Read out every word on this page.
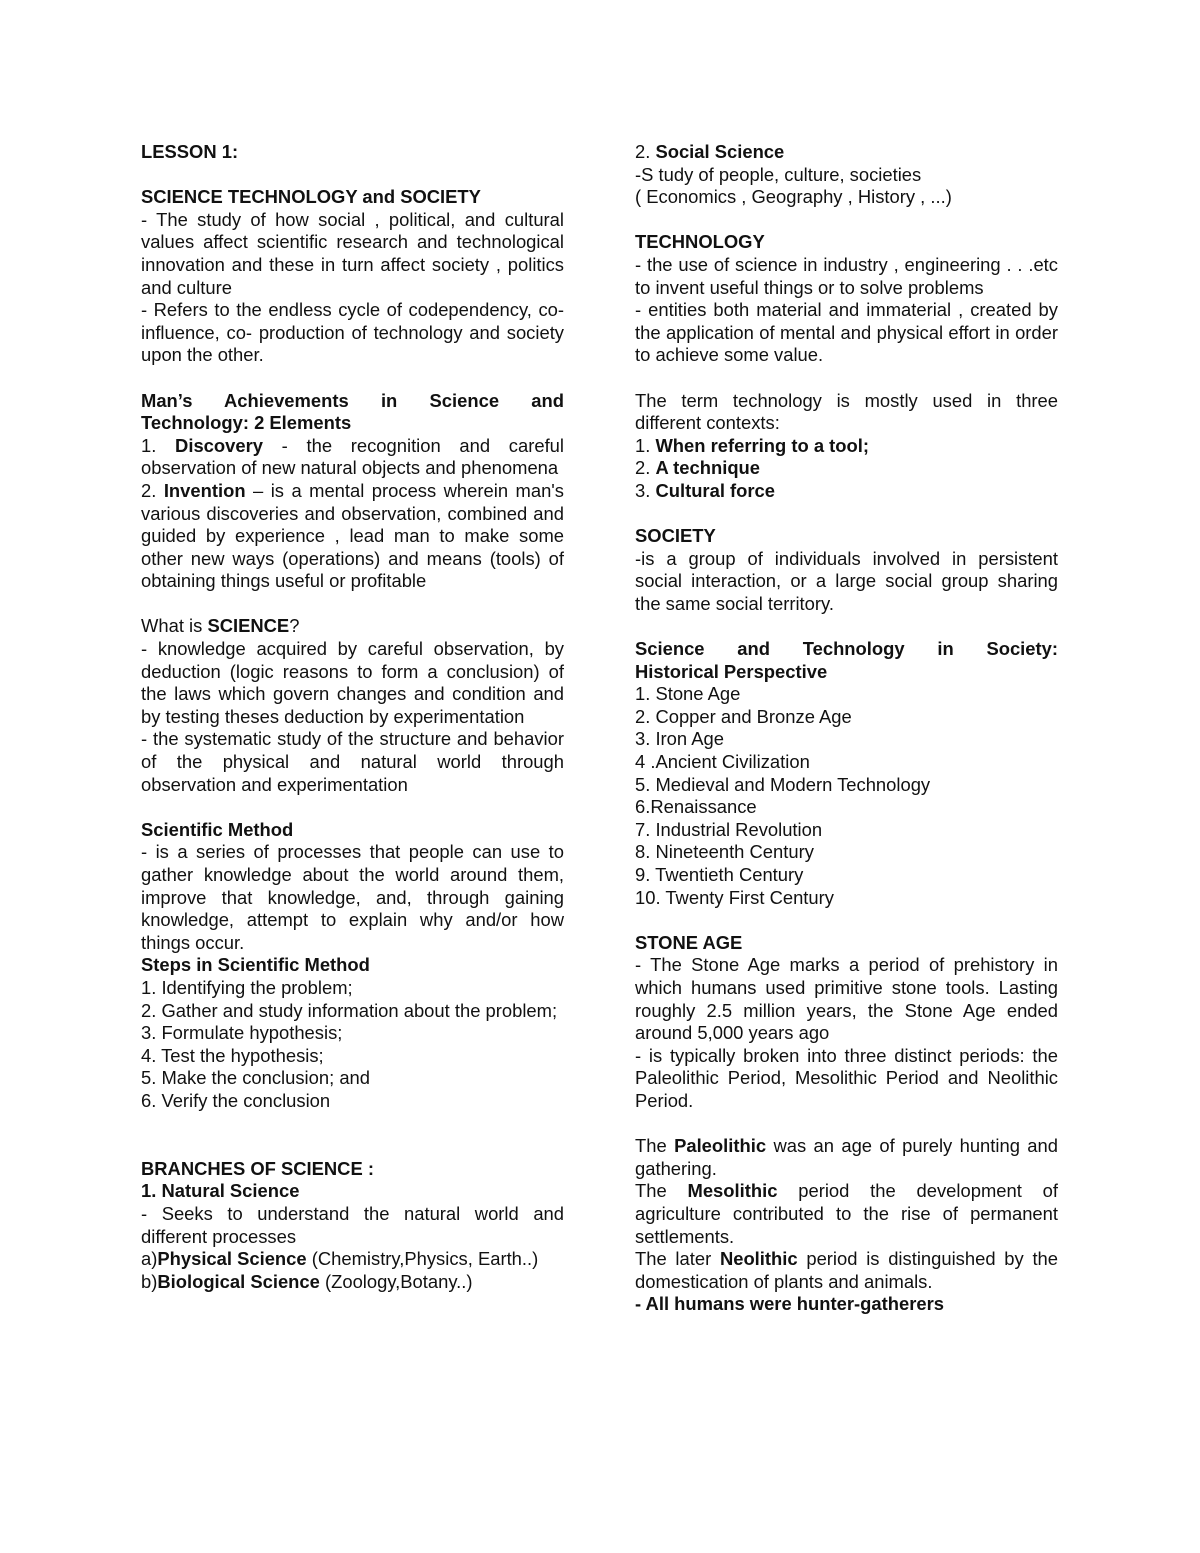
LESSON 1:

SCIENCE TECHNOLOGY and SOCIETY

- The study of how social , political, and cultural values affect scientific research and technological innovation and these in turn affect society , politics and culture

- Refers to the endless cycle of codependency, co-influence, co- production of technology and society upon the other.

Man’s Achievements in Science and

Technology: 2 Elements

1. Discovery - the recognition and careful observation of new natural objects and phenomena

2. Invention – is a mental process wherein man's various discoveries and observation, combined and guided by experience , lead man to make some other new ways (operations) and means (tools) of obtaining things useful or profitable

What is SCIENCE?

- knowledge acquired by careful observation, by deduction (logic reasons to form a conclusion) of the laws which govern changes and condition and by testing theses deduction by experimentation

- the systematic study of the structure and behavior of the physical and natural world through observation and experimentation

Scientific Method

- is a series of processes that people can use to gather knowledge about the world around them, improve that knowledge, and, through gaining knowledge, attempt to explain why and/or how things occur.

Steps in Scientific Method

1. Identifying the problem;

2. Gather and study information about the problem;

3. Formulate hypothesis;

4. Test the hypothesis;

5. Make the conclusion; and

6. Verify the conclusion

BRANCHES OF SCIENCE :

1. Natural Science

- Seeks to understand the natural world and different processes

a)Physical Science (Chemistry,Physics, Earth..)

b)Biological Science (Zoology,Botany..)

2. Social Science

-S tudy of people, culture, societies

( Economics , Geography , History , ...)

TECHNOLOGY

- the use of science in industry , engineering . . .etc to invent useful things or to solve problems

- entities both material and immaterial , created by the application of mental and physical effort in order to achieve some value.

The term technology is mostly used in three different contexts:

1. When referring to a tool;

2. A technique

3. Cultural force

SOCIETY

-is a group of individuals involved in persistent social interaction, or a large social group sharing the same social territory.

Science and Technology in Society:

Historical Perspective

1. Stone Age

2. Copper and Bronze Age

3. Iron Age

4 .Ancient Civilization

5. Medieval and Modern Technology

6.Renaissance

7. Industrial Revolution

8. Nineteenth Century

9. Twentieth Century

10. Twenty First Century

STONE AGE

- The Stone Age marks a period of prehistory in which humans used primitive stone tools. Lasting roughly 2.5 million years, the Stone Age ended around 5,000 years ago

- is typically broken into three distinct periods: the Paleolithic Period, Mesolithic Period and Neolithic Period.

The Paleolithic was an age of purely hunting and gathering.

The Mesolithic period the development of agriculture contributed to the rise of permanent settlements.

The later Neolithic period is distinguished by the domestication of plants and animals.

- All humans were hunter-gatherers
